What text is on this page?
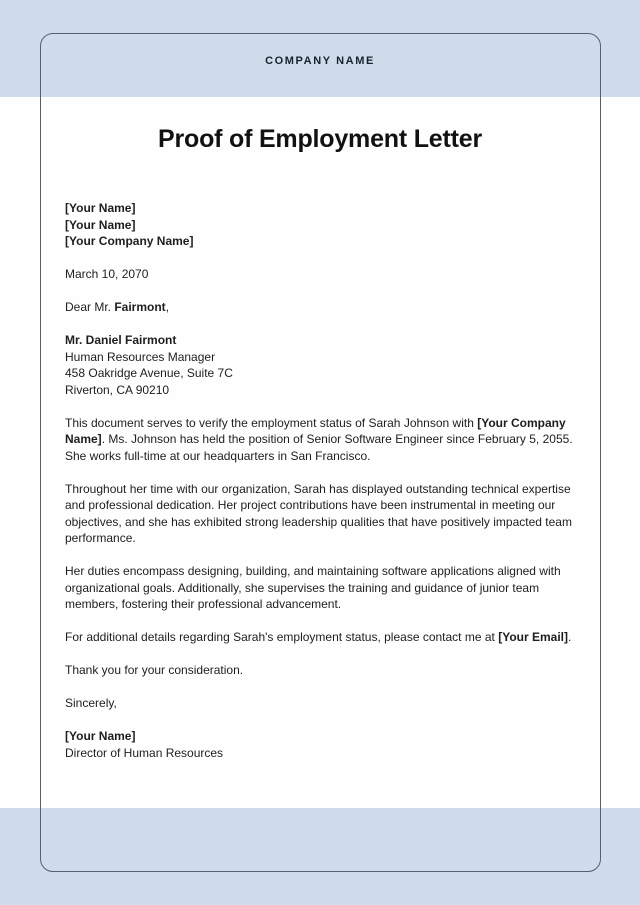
COMPANY NAME
Proof of Employment Letter
[Your Name]
[Your Name]
[Your Company Name]
March 10, 2070
Dear Mr. Fairmont,
Mr. Daniel Fairmont
Human Resources Manager
458 Oakridge Avenue, Suite 7C
Riverton, CA 90210
This document serves to verify the employment status of Sarah Johnson with [Your Company Name]. Ms. Johnson has held the position of Senior Software Engineer since February 5, 2055. She works full-time at our headquarters in San Francisco.
Throughout her time with our organization, Sarah has displayed outstanding technical expertise and professional dedication. Her project contributions have been instrumental in meeting our objectives, and she has exhibited strong leadership qualities that have positively impacted team performance.
Her duties encompass designing, building, and maintaining software applications aligned with organizational goals. Additionally, she supervises the training and guidance of junior team members, fostering their professional advancement.
For additional details regarding Sarah's employment status, please contact me at [Your Email].
Thank you for your consideration.
Sincerely,
[Your Name]
Director of Human Resources
